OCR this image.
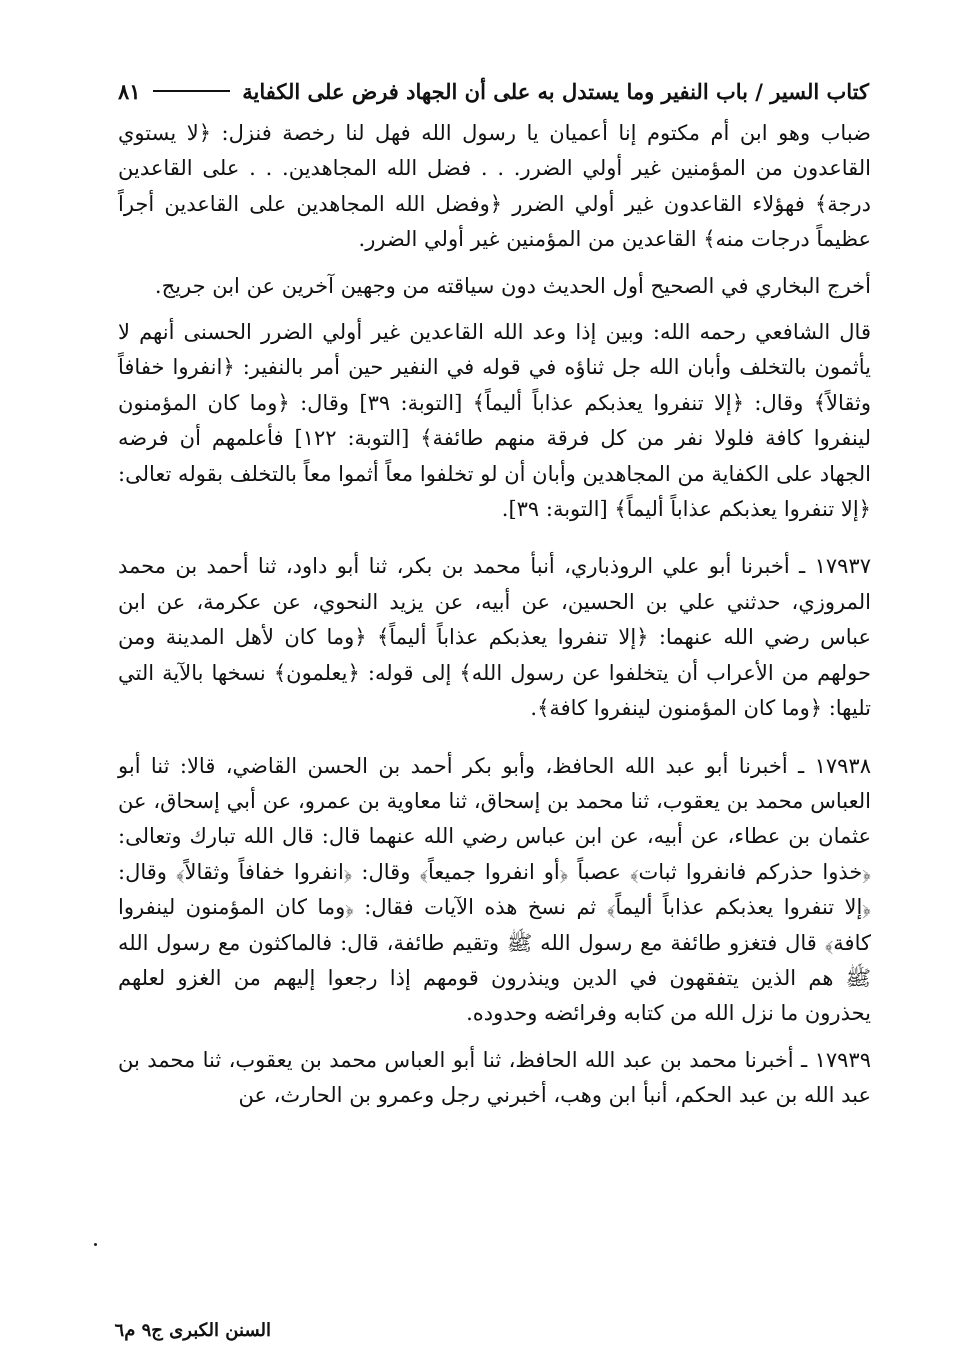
كتاب السير / باب النفير وما يستدل به على أن الجهاد فرض على الكفاية
٨١

ضباب وهو ابن أم مكتوم إنا أعميان يا رسول الله فهل لنا رخصة فنزل: ﴿لا يستوي القاعدون من المؤمنين غير أولي الضرر. . . فضل الله المجاهدين. . . على القاعدين درجة﴾ فهؤلاء القاعدون غير أولي الضرر ﴿وفضل الله المجاهدين على القاعدين أجراً عظيماً درجات منه﴾ القاعدين من المؤمنين غير أولي الضرر.

أخرج البخاري في الصحيح أول الحديث دون سياقته من وجهين آخرين عن ابن جريج.

قال الشافعي رحمه الله: وبين إذا وعد الله القاعدين غير أولي الضرر الحسنى أنهم لا يأثمون بالتخلف وأبان الله جل ثناؤه في قوله في النفير حين أمر بالنفير: ﴿انفروا خفافاً وثقالاً﴾ وقال: ﴿إلا تنفروا يعذبكم عذاباً أليماً﴾ [التوبة: ٣٩] وقال: ﴿وما كان المؤمنون لينفروا كافة فلولا نفر من كل فرقة منهم طائفة﴾ [التوبة: ١٢٢] فأعلمهم أن فرضه الجهاد على الكفاية من المجاهدين وأبان أن لو تخلفوا معاً أثموا معاً بالتخلف بقوله تعالى: ﴿إلا تنفروا يعذبكم عذاباً أليماً﴾ [التوبة: ٣٩].

١٧٩٣٧ ـ أخبرنا أبو علي الروذباري، أنبأ محمد بن بكر، ثنا أبو داود، ثنا أحمد بن محمد المروزي، حدثني علي بن الحسين، عن أبيه، عن يزيد النحوي، عن عكرمة، عن ابن عباس رضي الله عنهما: ﴿إلا تنفروا يعذبكم عذاباً أليماً﴾ ﴿وما كان لأهل المدينة ومن حولهم من الأعراب أن يتخلفوا عن رسول الله﴾ إلى قوله: ﴿يعلمون﴾ نسخها بالآية التي تليها: ﴿وما كان المؤمنون لينفروا كافة﴾.

١٧٩٣٨ ـ أخبرنا أبو عبد الله الحافظ، وأبو بكر أحمد بن الحسن القاضي، قالا: ثنا أبو العباس محمد بن يعقوب، ثنا محمد بن إسحاق، ثنا معاوية بن عمرو، عن أبي إسحاق، عن عثمان بن عطاء، عن أبيه، عن ابن عباس رضي الله عنهما قال: قال الله تبارك وتعالى: ﴿خذوا حذركم فانفروا ثبات﴾ عصباً ﴿أو انفروا جميعاً﴾ وقال: ﴿انفروا خفافاً وثقالاً﴾ وقال: ﴿إلا تنفروا يعذبكم عذاباً أليماً﴾ ثم نسخ هذه الآيات فقال: ﴿وما كان المؤمنون لينفروا كافة﴾ قال فتغزو طائفة مع رسول الله ﷺ وتقيم طائفة، قال: فالماكثون مع رسول الله ﷺ هم الذين يتفقهون في الدين وينذرون قومهم إذا رجعوا إليهم من الغزو لعلهم يحذرون ما نزل الله من كتابه وفرائضه وحدوده.

١٧٩٣٩ ـ أخبرنا محمد بن عبد الله الحافظ، ثنا أبو العباس محمد بن يعقوب، ثنا محمد بن عبد الله بن عبد الحكم، أنبأ ابن وهب، أخبرني رجل وعمرو بن الحارث، عن

السنن الكبرى ج٩ م٦
